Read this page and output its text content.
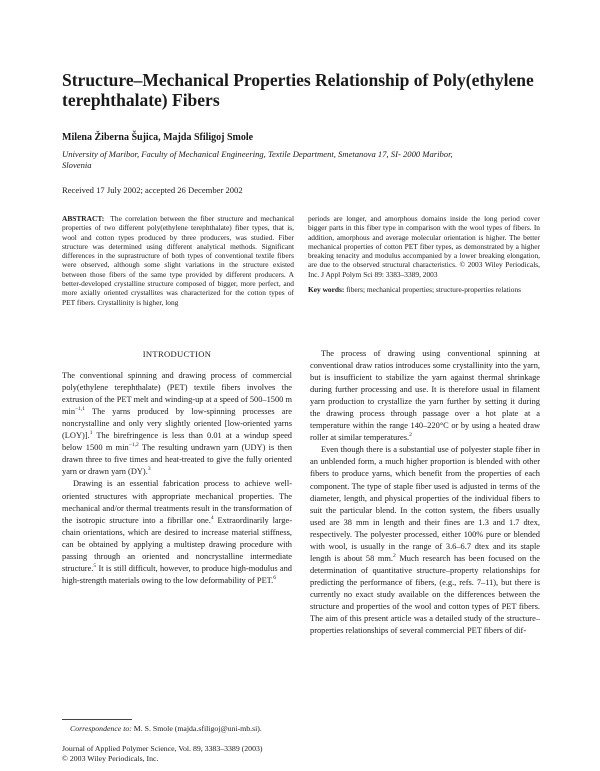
Structure–Mechanical Properties Relationship of Poly(ethylene terephthalate) Fibers
Milena Žiberna Šujica, Majda Sfiligoj Smole
University of Maribor, Faculty of Mechanical Engineering, Textile Department, Smetanova 17, SI- 2000 Maribor, Slovenia
Received 17 July 2002; accepted 26 December 2002
ABSTRACT: The correlation between the fiber structure and mechanical properties of two different poly(ethylene terephthalate) fiber types, that is, wool and cotton types produced by three producers, was studied. Fiber structure was determined using different analytical methods. Significant differences in the suprastructure of both types of conventional textile fibers were observed, although some slight variations in the structure existed between those fibers of the same type provided by different producers. A better-developed crystalline structure composed of bigger, more perfect, and more axially oriented crystallites was characterized for the cotton types of PET fibers. Crystallinity is higher, long
periods are longer, and amorphous domains inside the long period cover bigger parts in this fiber type in comparison with the wool types of fibers. In addition, amorphous and average molecular orientation is higher. The better mechanical properties of cotton PET fiber types, as demonstrated by a higher breaking tenacity and modulus accompanied by a lower breaking elongation, are due to the observed structural characteristics. © 2003 Wiley Periodicals, Inc. J Appl Polym Sci 89: 3383–3389, 2003
Key words: fibers; mechanical properties; structure-properties relations
INTRODUCTION

The conventional spinning and drawing process of commercial poly(ethylene terephthalate) (PET) textile fibers involves the extrusion of the PET melt and winding-up at a speed of 500–1500 m $\min^{-1,1}$ The yarns produced by low-spinning processes are noncrystalline and only very slightly oriented [low-oriented yarns (LOY)].$^1$ The birefringence is less than 0.01 at a windup speed below 1500 m $\min^{-1,2}$ The resulting undrawn yarn (UDY) is then drawn three to five times and heat-treated to give the fully oriented yarn or drawn yarn (DY).$^3$

Drawing is an essential fabrication process to achieve well-oriented structures with appropriate mechanical properties. The mechanical and/or thermal treatments result in the transformation of the isotropic structure into a fibrillar one.$^4$ Extraordinarily large-chain orientations, which are desired to increase material stiffness, can be obtained by applying a multistep drawing procedure with passing through an oriented and noncrystalline intermediate structure.$^5$ It is still difficult, however, to produce high-modulus and high-strength materials owing to the low deformability of PET.$^6$

The process of drawing using conventional spinning at conventional draw ratios introduces some crystallinity into the yarn, but is insufficient to stabilize the yarn against thermal shrinkage during further processing and use. It is therefore usual in filament yarn production to crystallize the yarn further by setting it during the drawing process through passage over a hot plate at a temperature within the range 140–220°C or by using a heated draw roller at similar temperatures.$^2$

Even though there is a substantial use of polyester staple fiber in an unblended form, a much higher proportion is blended with other fibers to produce yarns, which benefit from the properties of each component. The type of staple fiber used is adjusted in terms of the diameter, length, and physical properties of the individual fibers to suit the particular blend. In the cotton system, the fibers usually used are 38 mm in length and their fines are 1.3 and 1.7 dtex, respectively. The polyester processed, either 100% pure or blended with wool, is usually in the range of 3.6–6.7 dtex and its staple length is about 58 mm.$^2$ Much research has been focused on the determination of quantitative structure–property relationships for predicting the performance of fibers, (e.g., refs. 7–11), but there is currently no exact study available on the differences between the structure and properties of the wool and cotton types of PET fibers. The aim of this present article was a detailed study of the structure–properties relationships of several commercial PET fibers of dif-

Correspondence to: M. S. Smole (majda.sfiligoj@uni-mb.si).
Journal of Applied Polymer Science, Vol. 89, 3383–3389 (2003)
© 2003 Wiley Periodicals, Inc.
